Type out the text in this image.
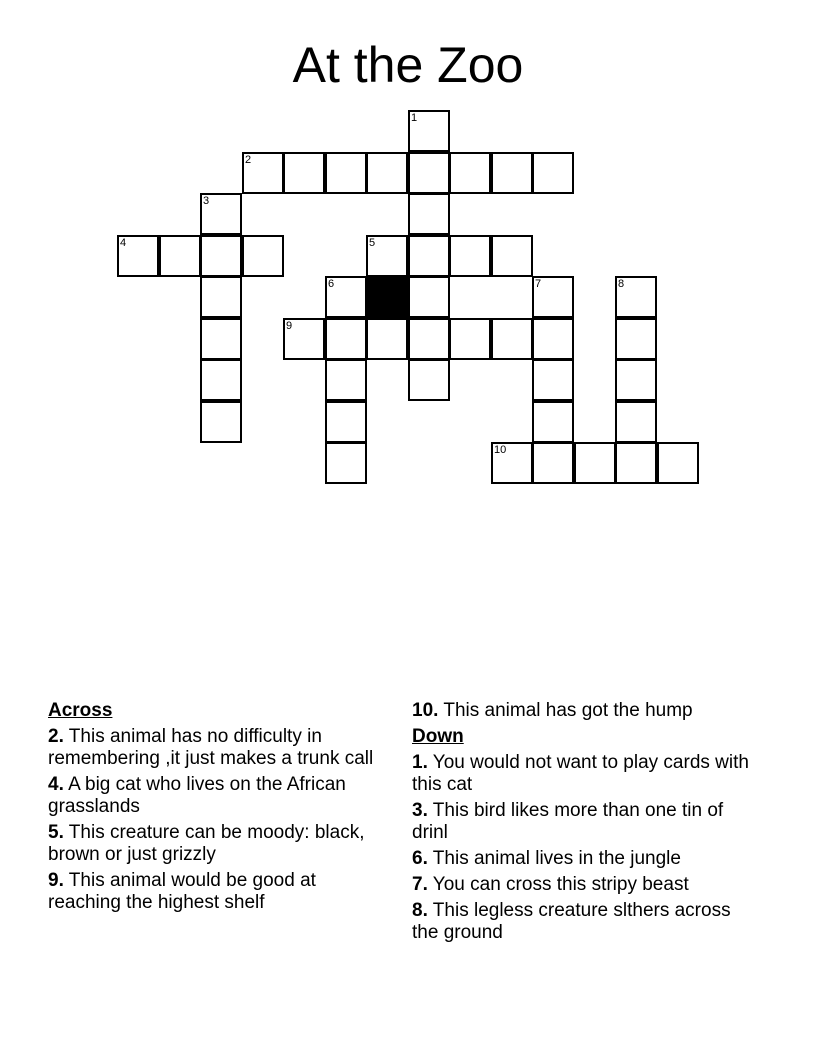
At the Zoo
1
2
3
4	5
6	7	8
9
10
Across
2. This animal has no difficulty in remembering ,it just makes a trunk call
4. A big cat who lives on the African grasslands
5. This creature can be moody: black, brown or just grizzly
9. This animal would be good at reaching the highest shelf
10. This animal has got the hump
Down
1. You would not want to play cards with this cat
3. This bird likes more than one tin of drinl
6. This animal lives in the jungle
7. You can cross this stripy beast
8. This legless creature slthers across the ground
